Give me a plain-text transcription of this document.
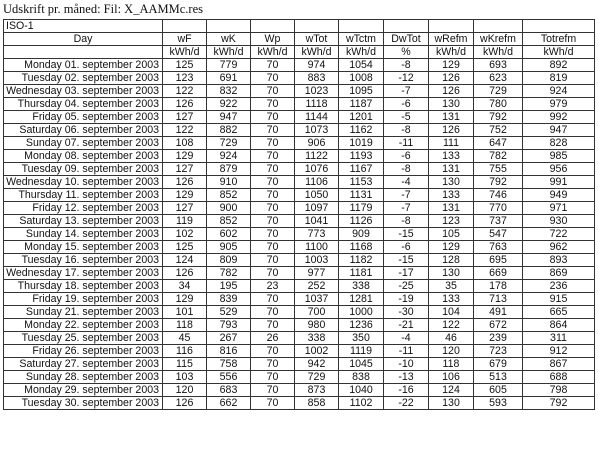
Udskrift pr. måned: Fil: X_AAMMc.res
ISO-1									
Day	wF	wK	Wp	wTot	wTctm	DwTot	wRefm	wKrefm	Totrefm
	kWh/d	kWh/d	kWh/d	kWh/d	kWh/d	%	kWh/d	kWh/d	kWh/d
Monday 01. september 2003	125	779	70	974	1054	-8	129	693	892
Tuesday 02. september 2003	123	691	70	883	1008	-12	126	623	819
Wednesday 03. september 2003	122	832	70	1023	1095	-7	126	729	924
Thursday 04. september 2003	126	922	70	1118	1187	-6	130	780	979
Friday 05. september 2003	127	947	70	1144	1201	-5	131	792	992
Saturday 06. september 2003	122	882	70	1073	1162	-8	126	752	947
Sunday 07. september 2003	108	729	70	906	1019	-11	111	647	828
Monday 08. september 2003	129	924	70	1122	1193	-6	133	782	985
Tuesday 09. september 2003	127	879	70	1076	1167	-8	131	755	956
Wednesday 10. september 2003	126	910	70	1106	1153	-4	130	792	991
Thursday 11. september 2003	129	852	70	1050	1131	-7	133	746	949
Friday 12. september 2003	127	900	70	1097	1179	-7	131	770	971
Saturday 13. september 2003	119	852	70	1041	1126	-8	123	737	930
Sunday 14. september 2003	102	602	70	773	909	-15	105	547	722
Monday 15. september 2003	125	905	70	1100	1168	-6	129	763	962
Tuesday 16. september 2003	124	809	70	1003	1182	-15	128	695	893
Wednesday 17. september 2003	126	782	70	977	1181	-17	130	669	869
Thursday 18. september 2003	34	195	23	252	338	-25	35	178	236
Friday 19. september 2003	129	839	70	1037	1281	-19	133	713	915
Sunday 21. september 2003	101	529	70	700	1000	-30	104	491	665
Monday 22. september 2003	118	793	70	980	1236	-21	122	672	864
Tuesday 25. september 2003	45	267	26	338	350	-4	46	239	311
Friday 26. september 2003	116	816	70	1002	1119	-11	120	723	912
Saturday 27. september 2003	115	758	70	942	1045	-10	118	679	867
Sunday 28. september 2003	103	556	70	729	838	-13	106	513	688
Monday 29. september 2003	120	683	70	873	1040	-16	124	605	798
Tuesday 30. september 2003	126	662	70	858	1102	-22	130	593	792
